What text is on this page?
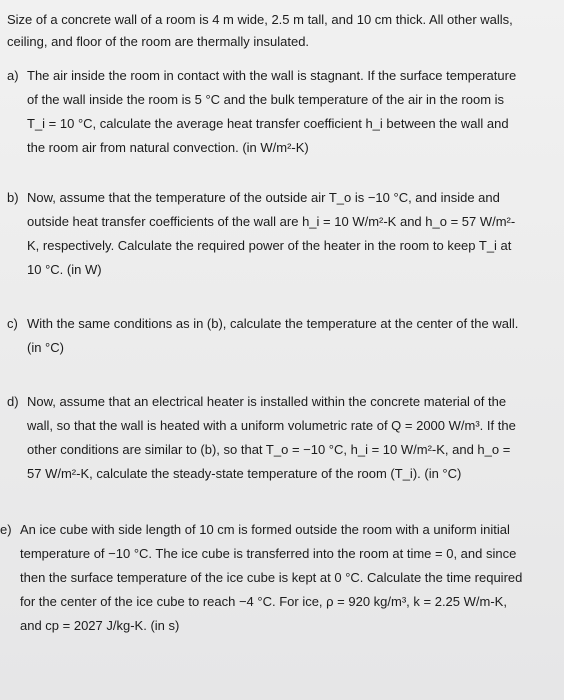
Size of a concrete wall of a room is 4 m wide, 2.5 m tall, and 10 cm thick. All other walls, ceiling, and floor of the room are thermally insulated.

a) The air inside the room in contact with the wall is stagnant. If the surface temperature of the wall inside the room is 5 °C and the bulk temperature of the air in the room is T_i = 10 °C, calculate the average heat transfer coefficient h_i between the wall and the room air from natural convection. (in W/m²-K)
b) Now, assume that the temperature of the outside air T_o is −10 °C, and inside and outside heat transfer coefficients of the wall are h_i = 10 W/m²-K and h_o = 57 W/m²-K, respectively. Calculate the required power of the heater in the room to keep T_i at 10 °C. (in W)
c) With the same conditions as in (b), calculate the temperature at the center of the wall. (in °C)
d) Now, assume that an electrical heater is installed within the concrete material of the wall, so that the wall is heated with a uniform volumetric rate of Q = 2000 W/m³. If the other conditions are similar to (b), so that T_o = −10 °C, h_i = 10 W/m²-K, and h_o = 57 W/m²-K, calculate the steady-state temperature of the room (T_i). (in °C)
e) An ice cube with side length of 10 cm is formed outside the room with a uniform initial temperature of −10 °C. The ice cube is transferred into the room at time = 0, and since then the surface temperature of the ice cube is kept at 0 °C. Calculate the time required for the center of the ice cube to reach −4 °C. For ice, ρ = 920 kg/m³, k = 2.25 W/m-K, and cp = 2027 J/kg-K. (in s)
